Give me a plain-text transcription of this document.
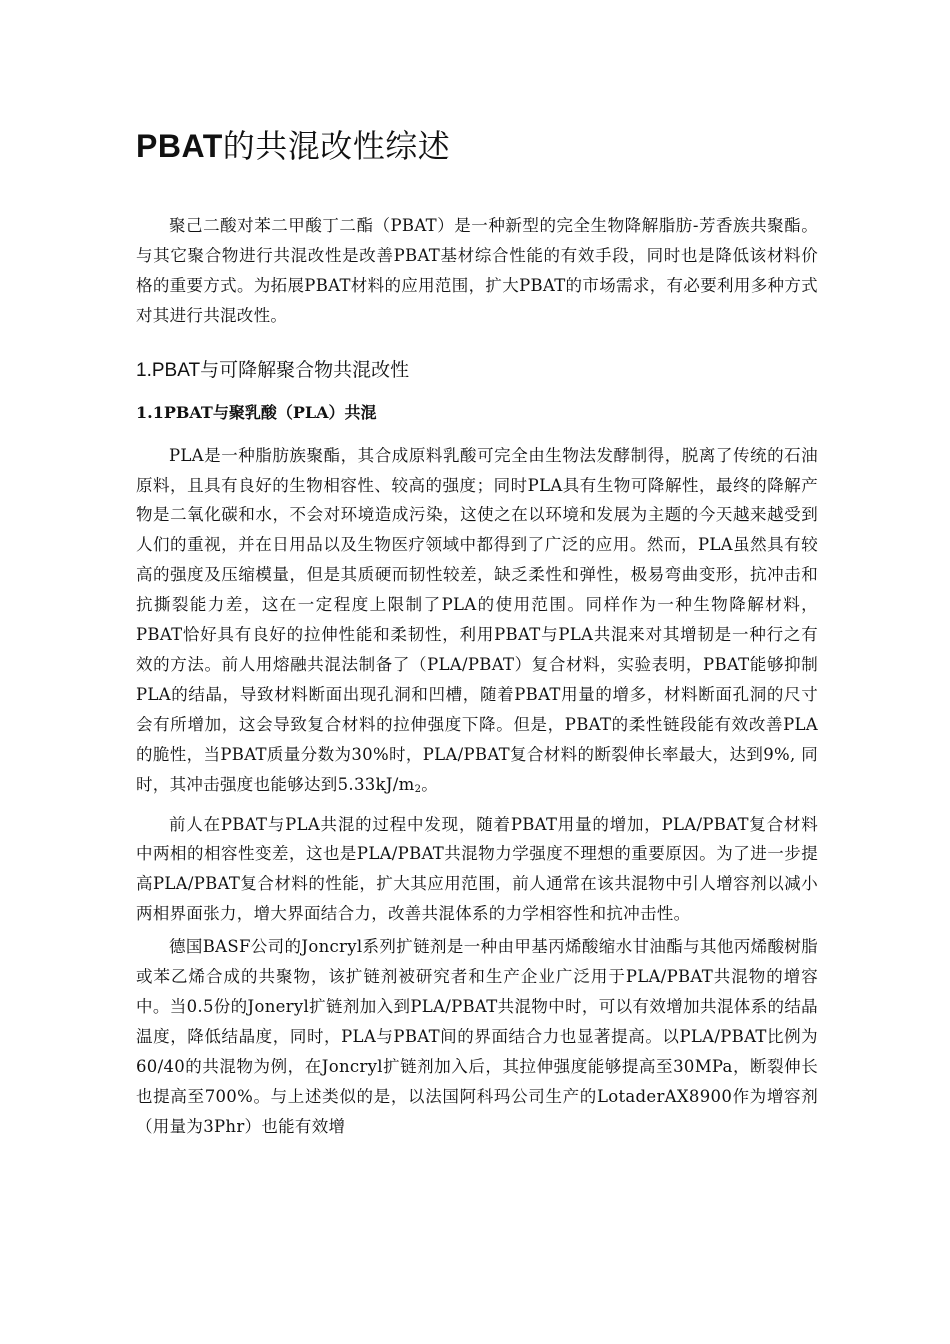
PBAT的共混改性综述

聚己二酸对苯二甲酸丁二酯（PBAT）是一种新型的完全生物降解脂肪-芳香族共聚酯。与其它聚合物进行共混改性是改善PBAT基材综合性能的有效手段，同时也是降低该材料价格的重要方式。为拓展PBAT材料的应用范围，扩大PBAT的市场需求，有必要利用多种方式对其进行共混改性。

1.PBAT与可降解聚合物共混改性
1.1PBAT与聚乳酸（PLA）共混

PLA是一种脂肪族聚酯，其合成原料乳酸可完全由生物法发酵制得，脱离了传统的石油原料，且具有良好的生物相容性、较高的强度；同时PLA具有生物可降解性，最终的降解产物是二氧化碳和水，不会对环境造成污染，这使之在以环境和发展为主题的今天越来越受到人们的重视，并在日用品以及生物医疗领域中都得到了广泛的应用。然而，PLA虽然具有较高的强度及压缩模量，但是其质硬而韧性较差，缺乏柔性和弹性，极易弯曲变形，抗冲击和抗撕裂能力差，这在一定程度上限制了PLA的使用范围。同样作为一种生物降解材料，PBAT恰好具有良好的拉伸性能和柔韧性，利用PBAT与PLA共混来对其增韧是一种行之有效的方法。前人用熔融共混法制备了（PLA/PBAT）复合材料，实验表明，PBAT能够抑制PLA的结晶，导致材料断面出现孔洞和凹槽，随着PBAT用量的增多，材料断面孔洞的尺寸会有所增加，这会导致复合材料的拉伸强度下降。但是，PBAT的柔性链段能有效改善PLA的脆性，当PBAT质量分数为30%时，PLA/PBAT复合材料的断裂伸长率最大，达到9%, 同时，其冲击强度也能够达到$5.33kJ/m_2$。

前人在PBAT与PLA共混的过程中发现，随着PBAT用量的增加，PLA/PBAT复合材料中两相的相容性变差，这也是PLA/PBAT共混物力学强度不理想的重要原因。为了进一步提高PLA/PBAT复合材料的性能，扩大其应用范围，前人通常在该共混物中引人增容剂以减小两相界面张力，增大界面结合力，改善共混体系的力学相容性和抗冲击性。

德国BASF公司的Joncryl系列扩链剂是一种由甲基丙烯酸缩水甘油酯与其他丙烯酸树脂或苯乙烯合成的共聚物，该扩链剂被研究者和生产企业广泛用于PLA/PBAT共混物的增容中。当0.5份的Joneryl扩链剂加入到PLA/PBAT共混物中时，可以有效增加共混体系的结晶温度，降低结晶度，同时，PLA与PBAT间的界面结合力也显著提高。以PLA/PBAT比例为60/40的共混物为例，在Joncryl扩链剂加入后，其拉伸强度能够提高至30MPa，断裂伸长也提高至700%。与上述类似的是，以法国阿科玛公司生产的LotaderAX8900作为增容剂（用量为3Phr）也能有效增
